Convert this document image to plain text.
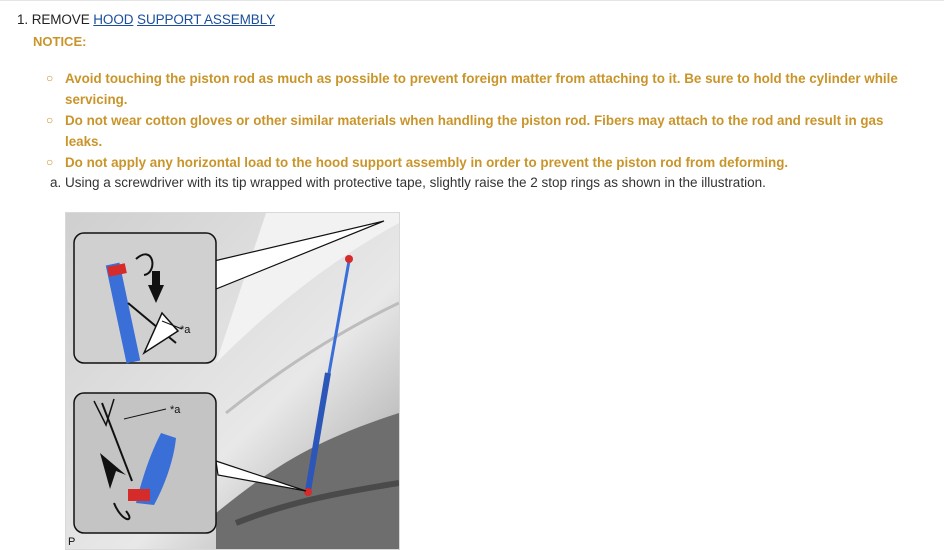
1. REMOVE HOOD SUPPORT ASSEMBLY
NOTICE:
○ Avoid touching the piston rod as much as possible to prevent foreign matter from attaching to it. Be sure to hold the cylinder while servicing.
○ Do not wear cotton gloves or other similar materials when handling the piston rod. Fibers may attach to the rod and result in gas leaks.
○ Do not apply any horizontal load to the hood support assembly in order to prevent the piston rod from deforming.
a. Using a screwdriver with its tip wrapped with protective tape, slightly raise the 2 stop rings as shown in the illustration.
*a
*a
P
